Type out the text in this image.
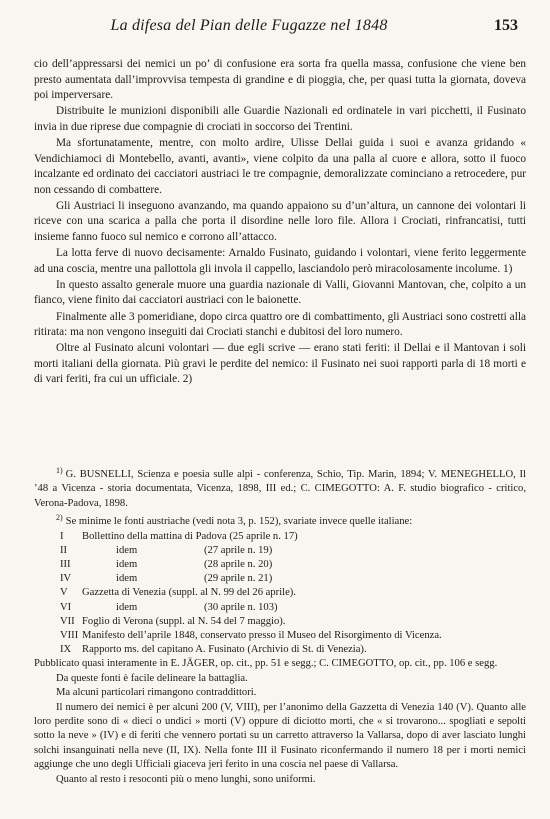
La difesa del Pian delle Fugazze nel 1848	153

cio dell’appressarsi dei nemici un po’ di confusione era sorta fra quella massa, confusione che viene ben presto aumentata dall’improvvisa tempesta di grandine e di pioggia, che, per quasi tutta la giornata, doveva poi imperversare.

Distribuite le munizioni disponibili alle Guardie Nazionali ed ordinatele in vari picchetti, il Fusinato invia in due riprese due compagnie di crociati in soccorso dei Trentini.

Ma sfortunatamente, mentre, con molto ardire, Ulisse Dellai guida i suoi e avanza gridando « Vendichiamoci di Montebello, avanti, avanti», viene colpito da una palla al cuore e allora, sotto il fuoco incalzante ed ordinato dei cacciatori austriaci le tre compagnie, demoralizzate cominciano a retrocedere, pur non cessando di combattere.

Gli Austriaci li inseguono avanzando, ma quando appaiono su d’un’altura, un cannone dei volontari li riceve con una scarica a palla che porta il disordine nelle loro file. Allora i Crociati, rinfrancatisi, tutti insieme fanno fuoco sul nemico e corrono all’attacco.

La lotta ferve di nuovo decisamente: Arnaldo Fusinato, guidando i volontari, viene ferito leggermente ad una coscia, mentre una pallottola gli invola il cappello, lasciandolo però miracolosamente incolume. 1)

In questo assalto generale muore una guardia nazionale di Valli, Giovanni Mantovan, che, colpito a un fianco, viene finito dai cacciatori austriaci con le baionette.

Finalmente alle 3 pomeridiane, dopo circa quattro ore di combattimento, gli Austriaci sono costretti alla ritirata: ma non vengono inseguiti dai Crociati stanchi e dubitosi del loro numero.

Oltre al Fusinato alcuni volontari — due egli scrive — erano stati feriti: il Dellai e il Mantovan i soli morti italiani della giornata. Più gravi le perdite del nemico: il Fusinato nei suoi rapporti parla di 18 morti e di vari feriti, fra cui un ufficiale. 2)

$^{1)}$ G. BUSNELLI, Scienza e poesia sulle alpi - conferenza, Schio, Tip. Marin, 1894; V. MENEGHELLO, Il ’48 a Vicenza - storia documentata, Vicenza, 1898, III ed.; C. CIMEGOTTO: A. F. studio biografico - critico, Verona-Padova, 1898.

$^{2)}$ Se minime le fonti austriache (vedi nota 3, p. 152), svariate invece quelle italiane:

I	Bollettino della mattina di Padova (25 aprile n. 17)
II	idem	(27 aprile n. 19)
III	idem	(28 aprile n. 20)
IV	idem	(29 aprile n. 21)
V	Gazzetta di Venezia (suppl. al N. 99 del 26 aprile).
VI	idem	(30 aprile n. 103)
VII Foglio di Verona (suppl. al N. 54 del 7 maggio).
VIII Manifesto dell’aprile 1848, conservato presso il Museo del Risorgimento di Vicenza.
IX	Rapporto ms. del capitano A. Fusinato (Archivio di St. di Venezia).

Pubblicato quasi interamente in E. JÄGER, op. cit., pp. 51 e segg.; C. CIMEGOTTO, op. cit., pp. 106 e segg.

Da queste fonti è facile delineare la battaglia.

Ma alcuni particolari rimangono contraddittori.

Il numero dei nemici è per alcuni 200 (V, VIII), per l’anonimo della Gazzetta di Venezia 140 (V). Quanto alle loro perdite sono di « dieci o undici » morti (V) oppure di diciotto morti, che « si trovarono... spogliati e sepolti sotto la neve » (IV) e di feriti che vennero portati su un carretto attraverso la Vallarsa, dopo di aver lasciato lunghi solchi insanguinati nella neve (II, IX). Nella fonte III il Fusinato riconfermando il numero 18 per i morti nemici aggiunge che uno degli Ufficiali giaceva jeri ferito in una coscia nel paese di Vallarsa.

Quanto al resto i resoconti più o meno lunghi, sono uniformi.
